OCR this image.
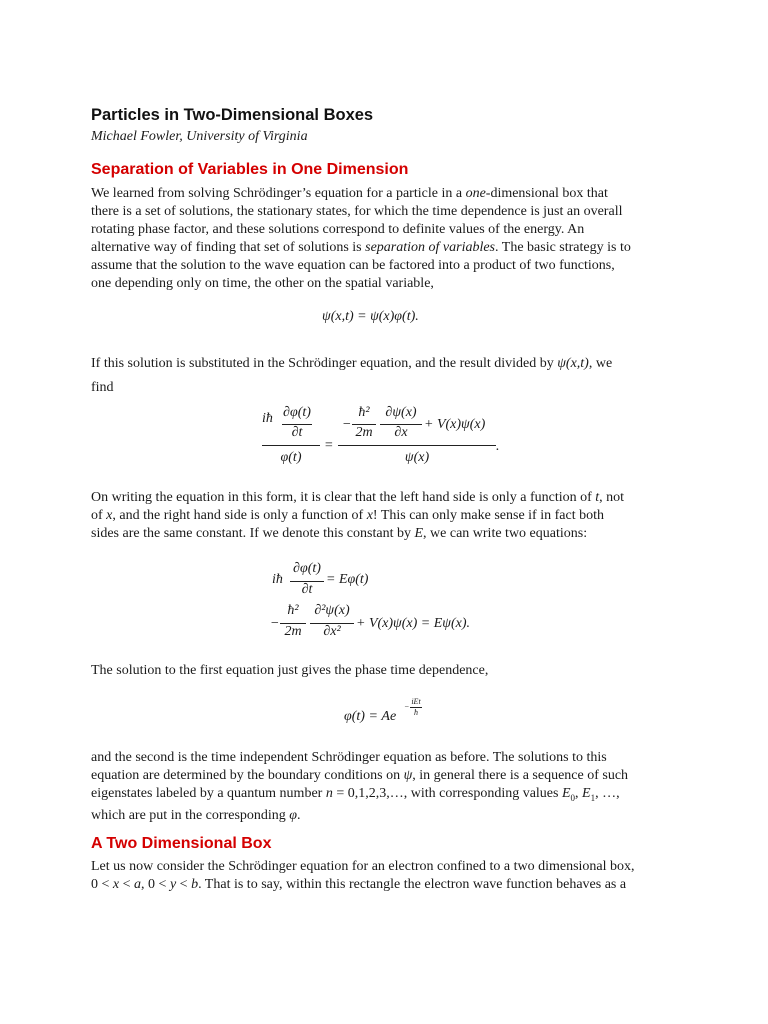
Particles in Two-Dimensional Boxes
Michael Fowler, University of Virginia
Separation of Variables in One Dimension
We learned from solving Schrödinger’s equation for a particle in a one-dimensional box that
there is a set of solutions, the stationary states, for which the time dependence is just an overall
rotating phase factor, and these solutions correspond to definite values of the energy. An
alternative way of finding that set of solutions is separation of variables. The basic strategy is to
assume that the solution to the wave equation can be factored into a product of two functions,
one depending only on time, the other on the spatial variable,
ψ(x,t) = ψ(x)φ(t).
If this solution is substituted in the Schrödinger equation, and the result divided by ψ(x,t), we
find
iħ ∂φ(t)
∂t
φ(t)
=
−
ħ²
2m
∂ψ(x)
∂x
+ V(x)ψ(x)
ψ(x)
.
On writing the equation in this form, it is clear that the left hand side is only a function of t, not
of x, and the right hand side is only a function of x! This can only make sense if in fact both
sides are the same constant. If we denote this constant by E, we can write two equations:
iħ
∂φ(t)
∂t
= Eφ(t)
−
ħ²
2m
∂²ψ(x)
∂x²
+ V(x)ψ(x) = Eψ(x).
The solution to the first equation just gives the phase time dependence,
φ(t) = Ae
−
iEt
ħ
and the second is the time independent Schrödinger equation as before. The solutions to this
equation are determined by the boundary conditions on ψ, in general there is a sequence of such
eigenstates labeled by a quantum number n = 0,1,2,3,…, with corresponding values $E_0$, $E_1$, …,
which are put in the corresponding φ.
A Two Dimensional Box
Let us now consider the Schrödinger equation for an electron confined to a two dimensional box,
0 < x < a, 0 < y < b. That is to say, within this rectangle the electron wave function behaves as a
